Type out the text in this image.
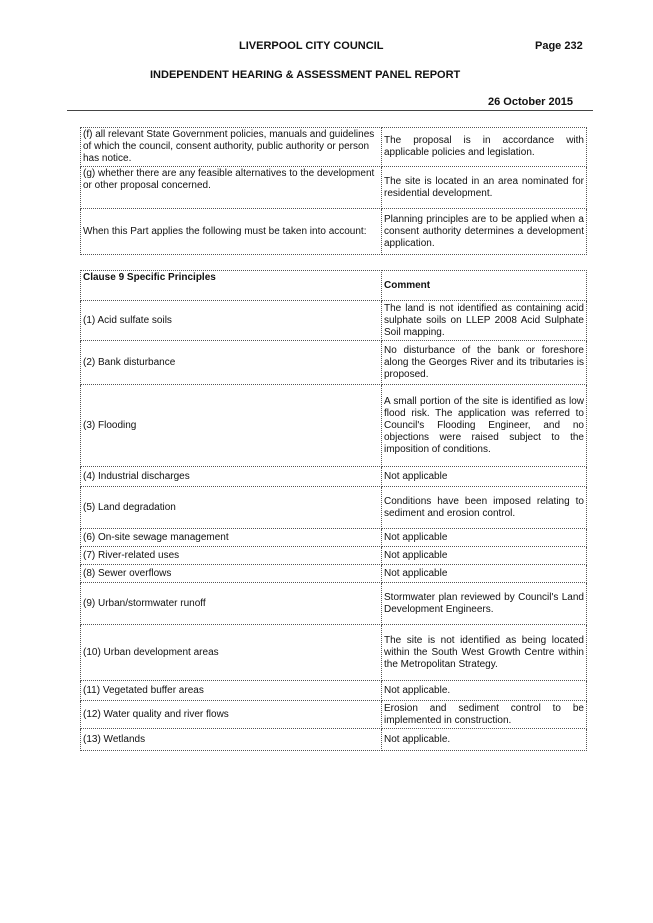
LIVERPOOL CITY COUNCIL	Page 232
INDEPENDENT HEARING & ASSESSMENT PANEL REPORT
26 October 2015
(f) all relevant State Government policies, manuals and guidelines of which the council, consent authority, public authority or person has notice.	The proposal is in accordance with applicable policies and legislation.
(g) whether there are any feasible alternatives to the development or other proposal concerned.	The site is located in an area nominated for residential development.
When this Part applies the following must be taken into account:	Planning principles are to be applied when a consent authority determines a development application.
Clause 9 Specific Principles	Comment
(1) Acid sulfate soils	The land is not identified as containing acid sulphate soils on LLEP 2008 Acid Sulphate Soil mapping.
(2) Bank disturbance	No disturbance of the bank or foreshore along the Georges River and its tributaries is proposed.
(3) Flooding	A small portion of the site is identified as low flood risk. The application was referred to Council's Flooding Engineer, and no objections were raised subject to the imposition of conditions.
(4) Industrial discharges	Not applicable
(5) Land degradation	Conditions have been imposed relating to sediment and erosion control.
(6) On-site sewage management	Not applicable
(7) River-related uses	Not applicable
(8) Sewer overflows	Not applicable
(9) Urban/stormwater runoff	Stormwater plan reviewed by Council's Land Development Engineers.
(10) Urban development areas	The site is not identified as being located within the South West Growth Centre within the Metropolitan Strategy.
(11) Vegetated buffer areas	Not applicable.
(12) Water quality and river flows	Erosion and sediment control to be implemented in construction.
(13) Wetlands	Not applicable.
